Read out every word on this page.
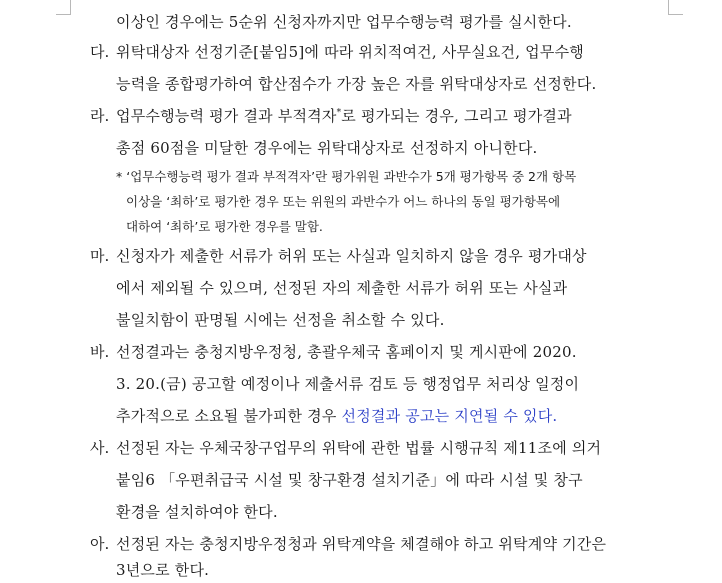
이상인 경우에는 5순위 신청자까지만 업무수행능력 평가를 실시한다.
다. 위탁대상자 선정기준[붙임5]에 따라 위치적여건, 사무실요건, 업무수행
능력을 종합평가하여 합산점수가 가장 높은 자를 위탁대상자로 선정한다.
라. 업무수행능력 평가 결과 부적격자*로 평가되는 경우, 그리고 평가결과
총점 60점을 미달한 경우에는 위탁대상자로 선정하지 아니한다.
* ‘업무수행능력 평가 결과 부적격자’란 평가위원 과반수가 5개 평가항목 중 2개 항목
이상을 ‘최하’로 평가한 경우 또는 위원의 과반수가 어느 하나의 동일 평가항목에
대하여 ‘최하’로 평가한 경우를 말함.
마. 신청자가 제출한 서류가 허위 또는 사실과 일치하지 않을 경우 평가대상
에서 제외될 수 있으며, 선정된 자의 제출한 서류가 허위 또는 사실과
불일치함이 판명될 시에는 선정을 취소할 수 있다.
바. 선정결과는 충청지방우정청, 총괄우체국 홈페이지 및 게시판에 2020.
3. 20.(금) 공고할 예정이나 제출서류 검토 등 행정업무 처리상 일정이
추가적으로 소요될 불가피한 경우 선정결과 공고는 지연될 수 있다.
사. 선정된 자는 우체국창구업무의 위탁에 관한 법률 시행규칙 제11조에 의거
붙임6 「우편취급국 시설 및 창구환경 설치기준」에 따라 시설 및 창구
환경을 설치하여야 한다.
아. 선정된 자는 충청지방우정청과 위탁계약을 체결해야 하고 위탁계약 기간은
3년으로 한다.
